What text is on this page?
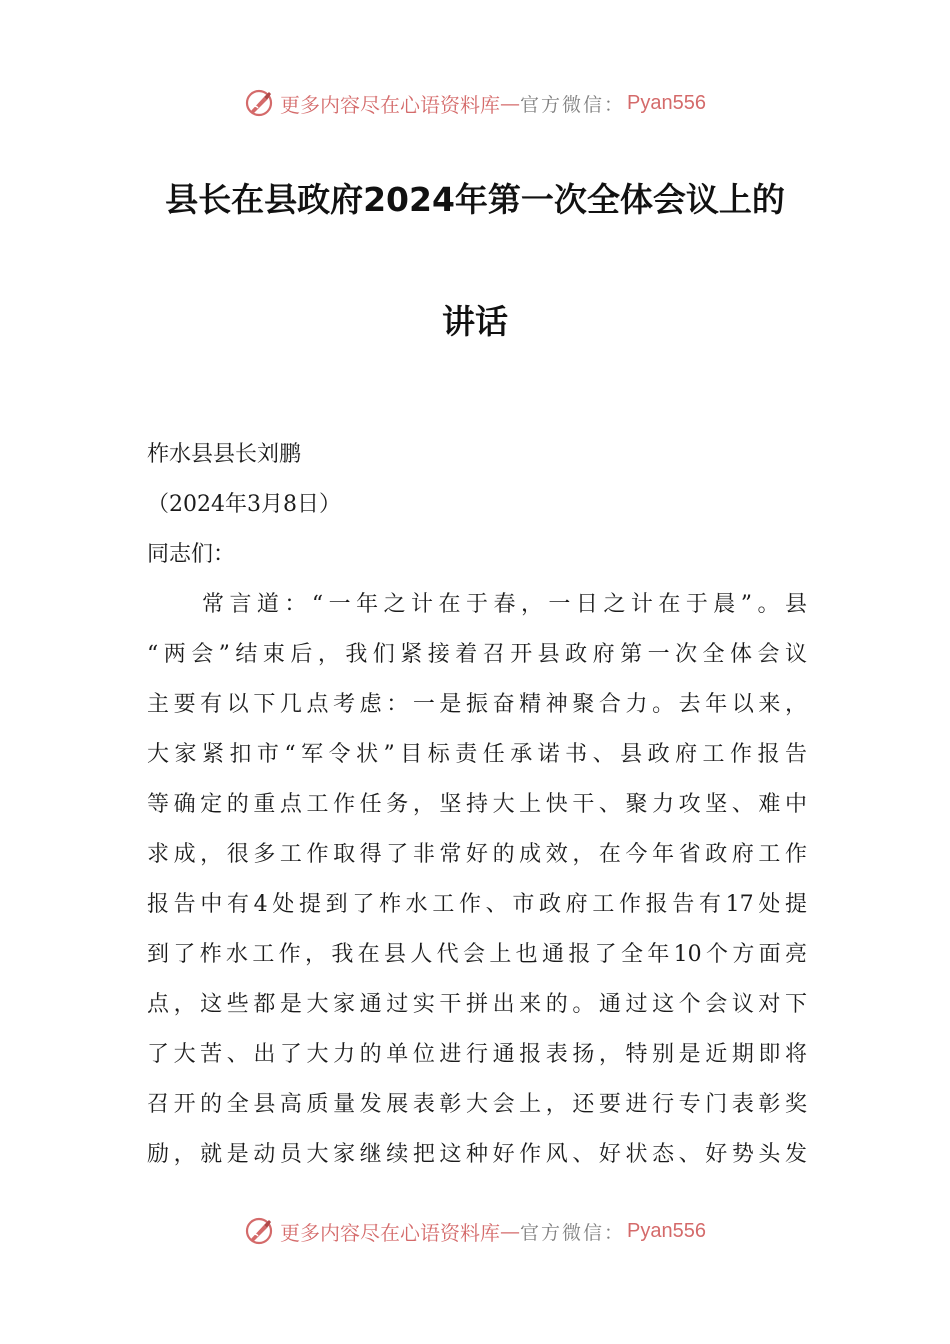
更多内容尽在心语资料库 — 官方微信： Pyan556
县长在县政府2024年第一次全体会议上的
讲话
柞水县县长刘鹏
（2024年3月8日）
同志们：
　　常言道：“一年之计在于春，一日之计在于晨”。县
“两会”结束后，我们紧接着召开县政府第一次全体会议
主要有以下几点考虑：一是振奋精神聚合力。去年以来，
大家紧扣市“军令状”目标责任承诺书、县政府工作报告
等确定的重点工作任务，坚持大上快干、聚力攻坚、难中
求成，很多工作取得了非常好的成效，在今年省政府工作
报告中有4处提到了柞水工作、市政府工作报告有17处提
到了柞水工作，我在县人代会上也通报了全年10个方面亮
点，这些都是大家通过实干拼出来的。通过这个会议对下
了大苦、出了大力的单位进行通报表扬，特别是近期即将
召开的全县高质量发展表彰大会上，还要进行专门表彰奖
励，就是动员大家继续把这种好作风、好状态、好势头发
更多内容尽在心语资料库 — 官方微信： Pyan556
